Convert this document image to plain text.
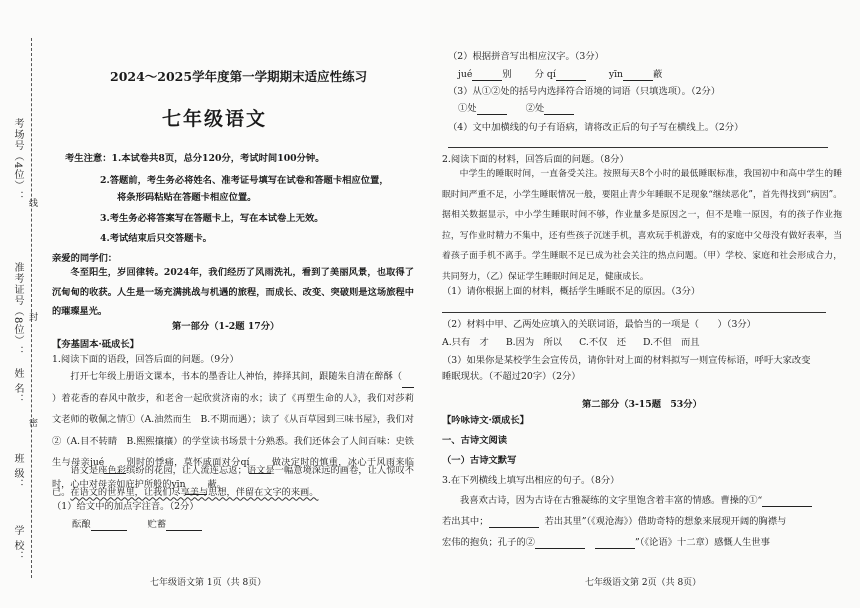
学 校：
班 级：
姓 名：
准考证号（8位）：
考场号（4位）：
密
封
线
2024～2025学年度第一学期期末适应性练习
七年级语文
考生注意：1.本试卷共8页，总分120分，考试时间100分钟。
2.答题前，考生务必将姓名、准考证号填写在试卷和答题卡相应位置，
将条形码粘贴在答题卡相应位置。
3.考生务必将答案写在答题卡上，写在本试卷上无效。
4.考试结束后只交答题卡。
亲爱的同学们：
冬至阳生，岁回律转。2024年，我们经历了风雨洗礼，看到了美丽风景，也取得了沉甸甸的收获。人生是一场充满挑战与机遇的旅程，而成长、改变、突破则是这场旅程中的璀璨星光。
第一部分（1-2题 17分）
【夯基固本·砥成长】
1.阅读下面的语段，回答后面的问题。（9分）
打开七年级上册语文课本，书本的墨香让人神怡，捧择其间，跟随朱自清在醉酥（）着花香的春风中散步，和老舍一起欣赏济南的水；读了《再塑生命的人》，我们对莎莉文老师的敬佩之情①（A.油然而生　B.不期而遇）；读了《从百草园到三味书屋》，我们对②（A.目不转睛　B.熙熙攘攘）的学堂读书场景十分熟悉。我们还体会了人间百味：史铁生与母亲jué 别时的悸痛，莫怀戚面对分qí 做决定时的慎重，冰心于风雨来临时，心中对母亲如庇护所般的yīn 蔽。
语文是座色彩缤纷的花园，让人流连忘返；语文是一幅意境深远的画卷，让人惊叹不已。在语文的世界里，让我们尽享美与思想，伴留在文字的来画。
（1）给文中的加点字注音。（2分）
酝酿	贮蓄
七年级语文第 1页（共 8页）
（2）根据拼音写出相应汉字。（3分）
jué	别 分 qí	yīn	蔽
（3）从①②处的括号内选择符合语境的词语（只填选项）。（2分）
①处	②处
（4）文中加横线的句子有语病，请将改正后的句子写在横线上。（2分）
2.阅读下面的材料，回答后面的问题。（8分）
中学生的睡眠时间，一直备受关注。按照每天8个小时的最低睡眠标准，我国初中和高中学生的睡眠时间严重不足，小学生睡眠情况一般，要阻止青少年睡眠不足现象“继续恶化”，首先得找到“病因”。据相关数据显示，中小学生睡眠时间不够，作业量多是原因之一，但不是唯一原因，有的孩子作业拖拉，写作业时精力不集中，还有些孩子沉迷手机，喜欢玩手机游戏，有的家庭中父母没有做好表率，当着孩子面手机不离手。学生睡眠不足已成为社会关注的热点问题。（甲）学校、家庭和社会形成合力，共同努力，（乙）保证学生睡眠时间足足，健康成长。
（1）请你根据上面的材料，概括学生睡眠不足的原因。（3分）
（2）材料中甲、乙两处应填入的关联词语，最恰当的一项是（　　）（3分）
A.只有　才 B.因为　所以 C.不仅　还 D.不但　而且
（3）如果你是某校学生会宣传员，请你针对上面的材料拟写一则宣传标语，呼吁大家改变
睡眠现状。（不超过20字）（2分）
第二部分（3-15题　53分）
【吟咏诗文·颂成长】
一、古诗文阅读
（一）古诗文默写
3.在下列横线上填写出相应的句子。（8分）
我喜欢古诗，因为古诗在古雅凝练的文字里饱含着丰富的情感。曹操的①“
若出其中；	若出其里”（《观沧海》）借助奇特的想象来展现开阔的胸襟与
宏伟的抱负；孔子的②	”（《论语》十二章）感慨人生世事
七年级语文第 2页（共 8页）
